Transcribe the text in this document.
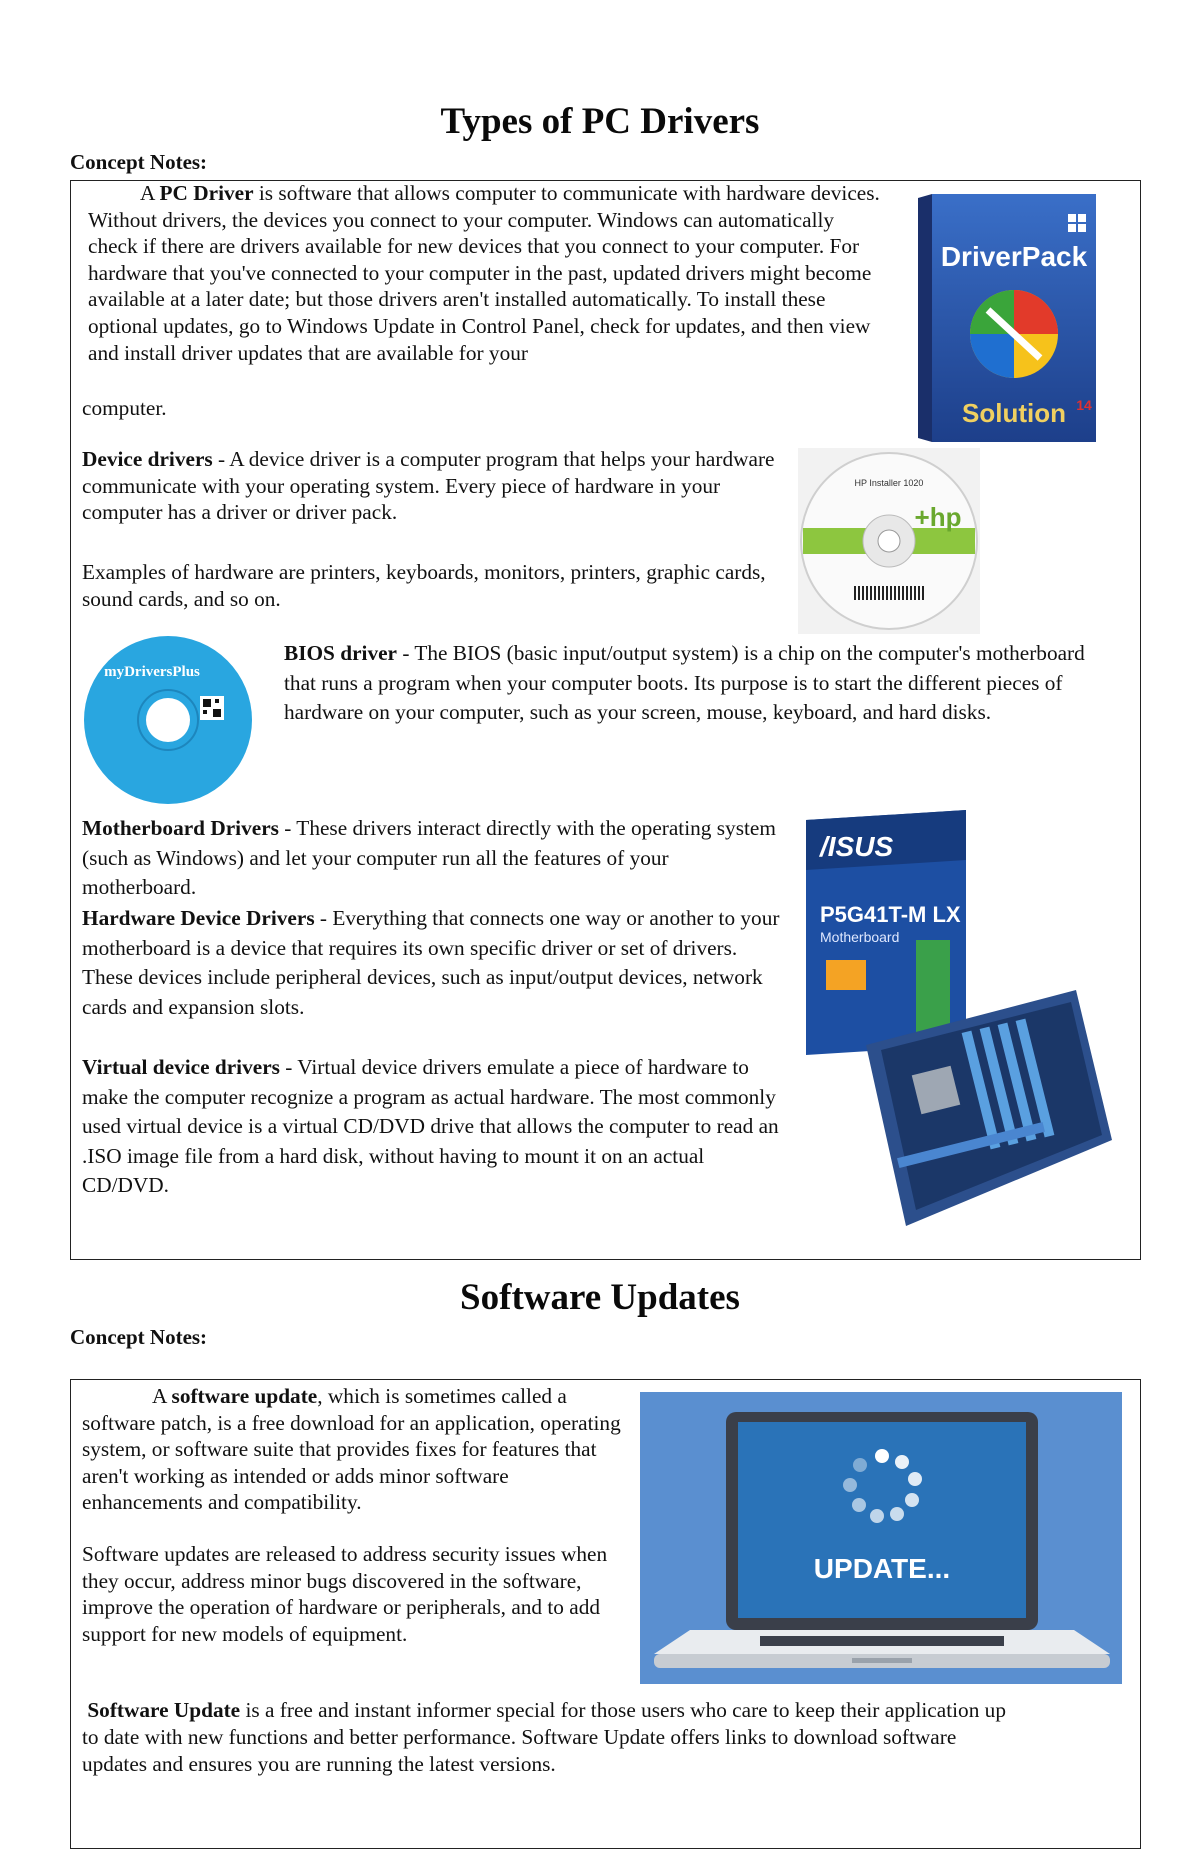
Types of PC Drivers
Concept Notes:

A PC Driver is software that allows computer to communicate with hardware devices. Without drivers, the devices you connect to your computer. Windows can automatically check if there are drivers available for new devices that you connect to your computer. For hardware that you've connected to your computer in the past, updated drivers might become available at a later date; but those drivers aren't installed automatically. To install these optional updates, go to Windows Update in Control Panel, check for updates, and then view and install driver updates that are available for your

computer.

DriverPack
Solution 14

Device drivers - A device driver is a computer program that helps your hardware communicate with your operating system. Every piece of hardware in your computer has a driver or driver pack.

Examples of hardware are printers, keyboards, monitors, printers, graphic cards, sound cards, and so on.

HP Installer 1020
+hp
myDriversPlus

BIOS driver - The BIOS (basic input/output system) is a chip on the computer's motherboard that runs a program when your computer boots. Its purpose is to start the different pieces of hardware on your computer, such as your screen, mouse, keyboard, and hard disks.

Motherboard Drivers - These drivers interact directly with the operating system (such as Windows) and let your computer run all the features of your motherboard.

Hardware Device Drivers - Everything that connects one way or another to your motherboard is a device that requires its own specific driver or set of drivers. These devices include peripheral devices, such as input/output devices, network cards and expansion slots.

Virtual device drivers - Virtual device drivers emulate a piece of hardware to make the computer recognize a program as actual hardware. The most commonly used virtual device is a virtual CD/DVD drive that allows the computer to read an .ISO image file from a hard disk, without having to mount it on an actual CD/DVD.

/ISUS
P5G41T-M LX
Motherboard
Software Updates
Concept Notes:

A software update, which is sometimes called a software patch, is a free download for an application, operating system, or software suite that provides fixes for features that aren't working as intended or adds minor software enhancements and compatibility.

Software updates are released to address security issues when they occur, address minor bugs discovered in the software, improve the operation of hardware or peripherals, and to add support for new models of equipment.

Software Update is a free and instant informer special for those users who care to keep their application up to date with new functions and better performance. Software Update offers links to download software updates and ensures you are running the latest versions.

UPDATE...
